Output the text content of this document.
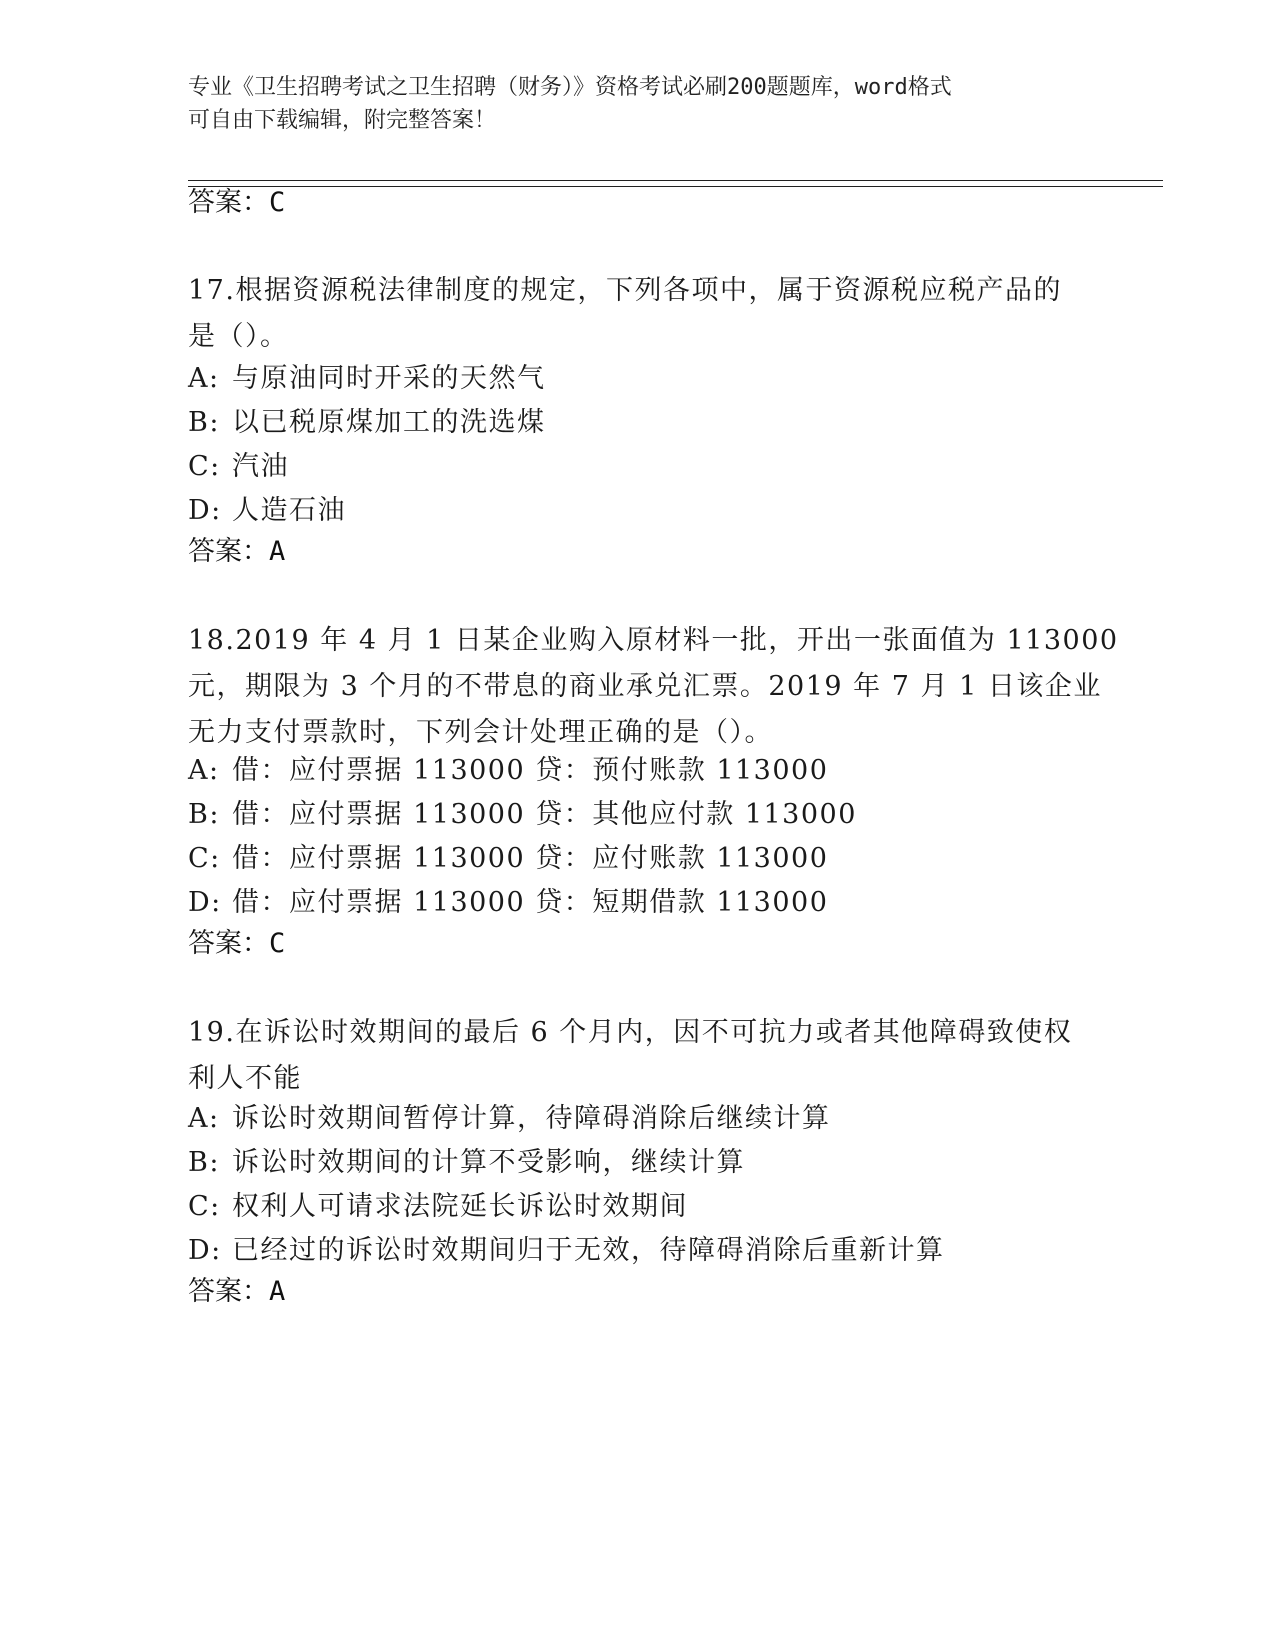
专业《卫生招聘考试之卫生招聘（财务）》资格考试必刷200题题库，word格式
可自由下载编辑，附完整答案！
答案：C
17.根据资源税法律制度的规定，下列各项中，属于资源税应税产品的
是（）。
A: 与原油同时开采的天然气
B: 以已税原煤加工的洗选煤
C: 汽油
D: 人造石油
答案：A
18.2019 年 4 月 1 日某企业购入原材料一批，开出一张面值为 113000
元，期限为 3 个月的不带息的商业承兑汇票。2019 年 7 月 1 日该企业
无力支付票款时，下列会计处理正确的是（）。
A: 借：应付票据 113000 贷：预付账款 113000
B: 借：应付票据 113000 贷：其他应付款 113000
C: 借：应付票据 113000 贷：应付账款 113000
D: 借：应付票据 113000 贷：短期借款 113000
答案：C
19.在诉讼时效期间的最后 6 个月内，因不可抗力或者其他障碍致使权
利人不能
A: 诉讼时效期间暂停计算，待障碍消除后继续计算
B: 诉讼时效期间的计算不受影响，继续计算
C: 权利人可请求法院延长诉讼时效期间
D: 已经过的诉讼时效期间归于无效，待障碍消除后重新计算
答案：A
